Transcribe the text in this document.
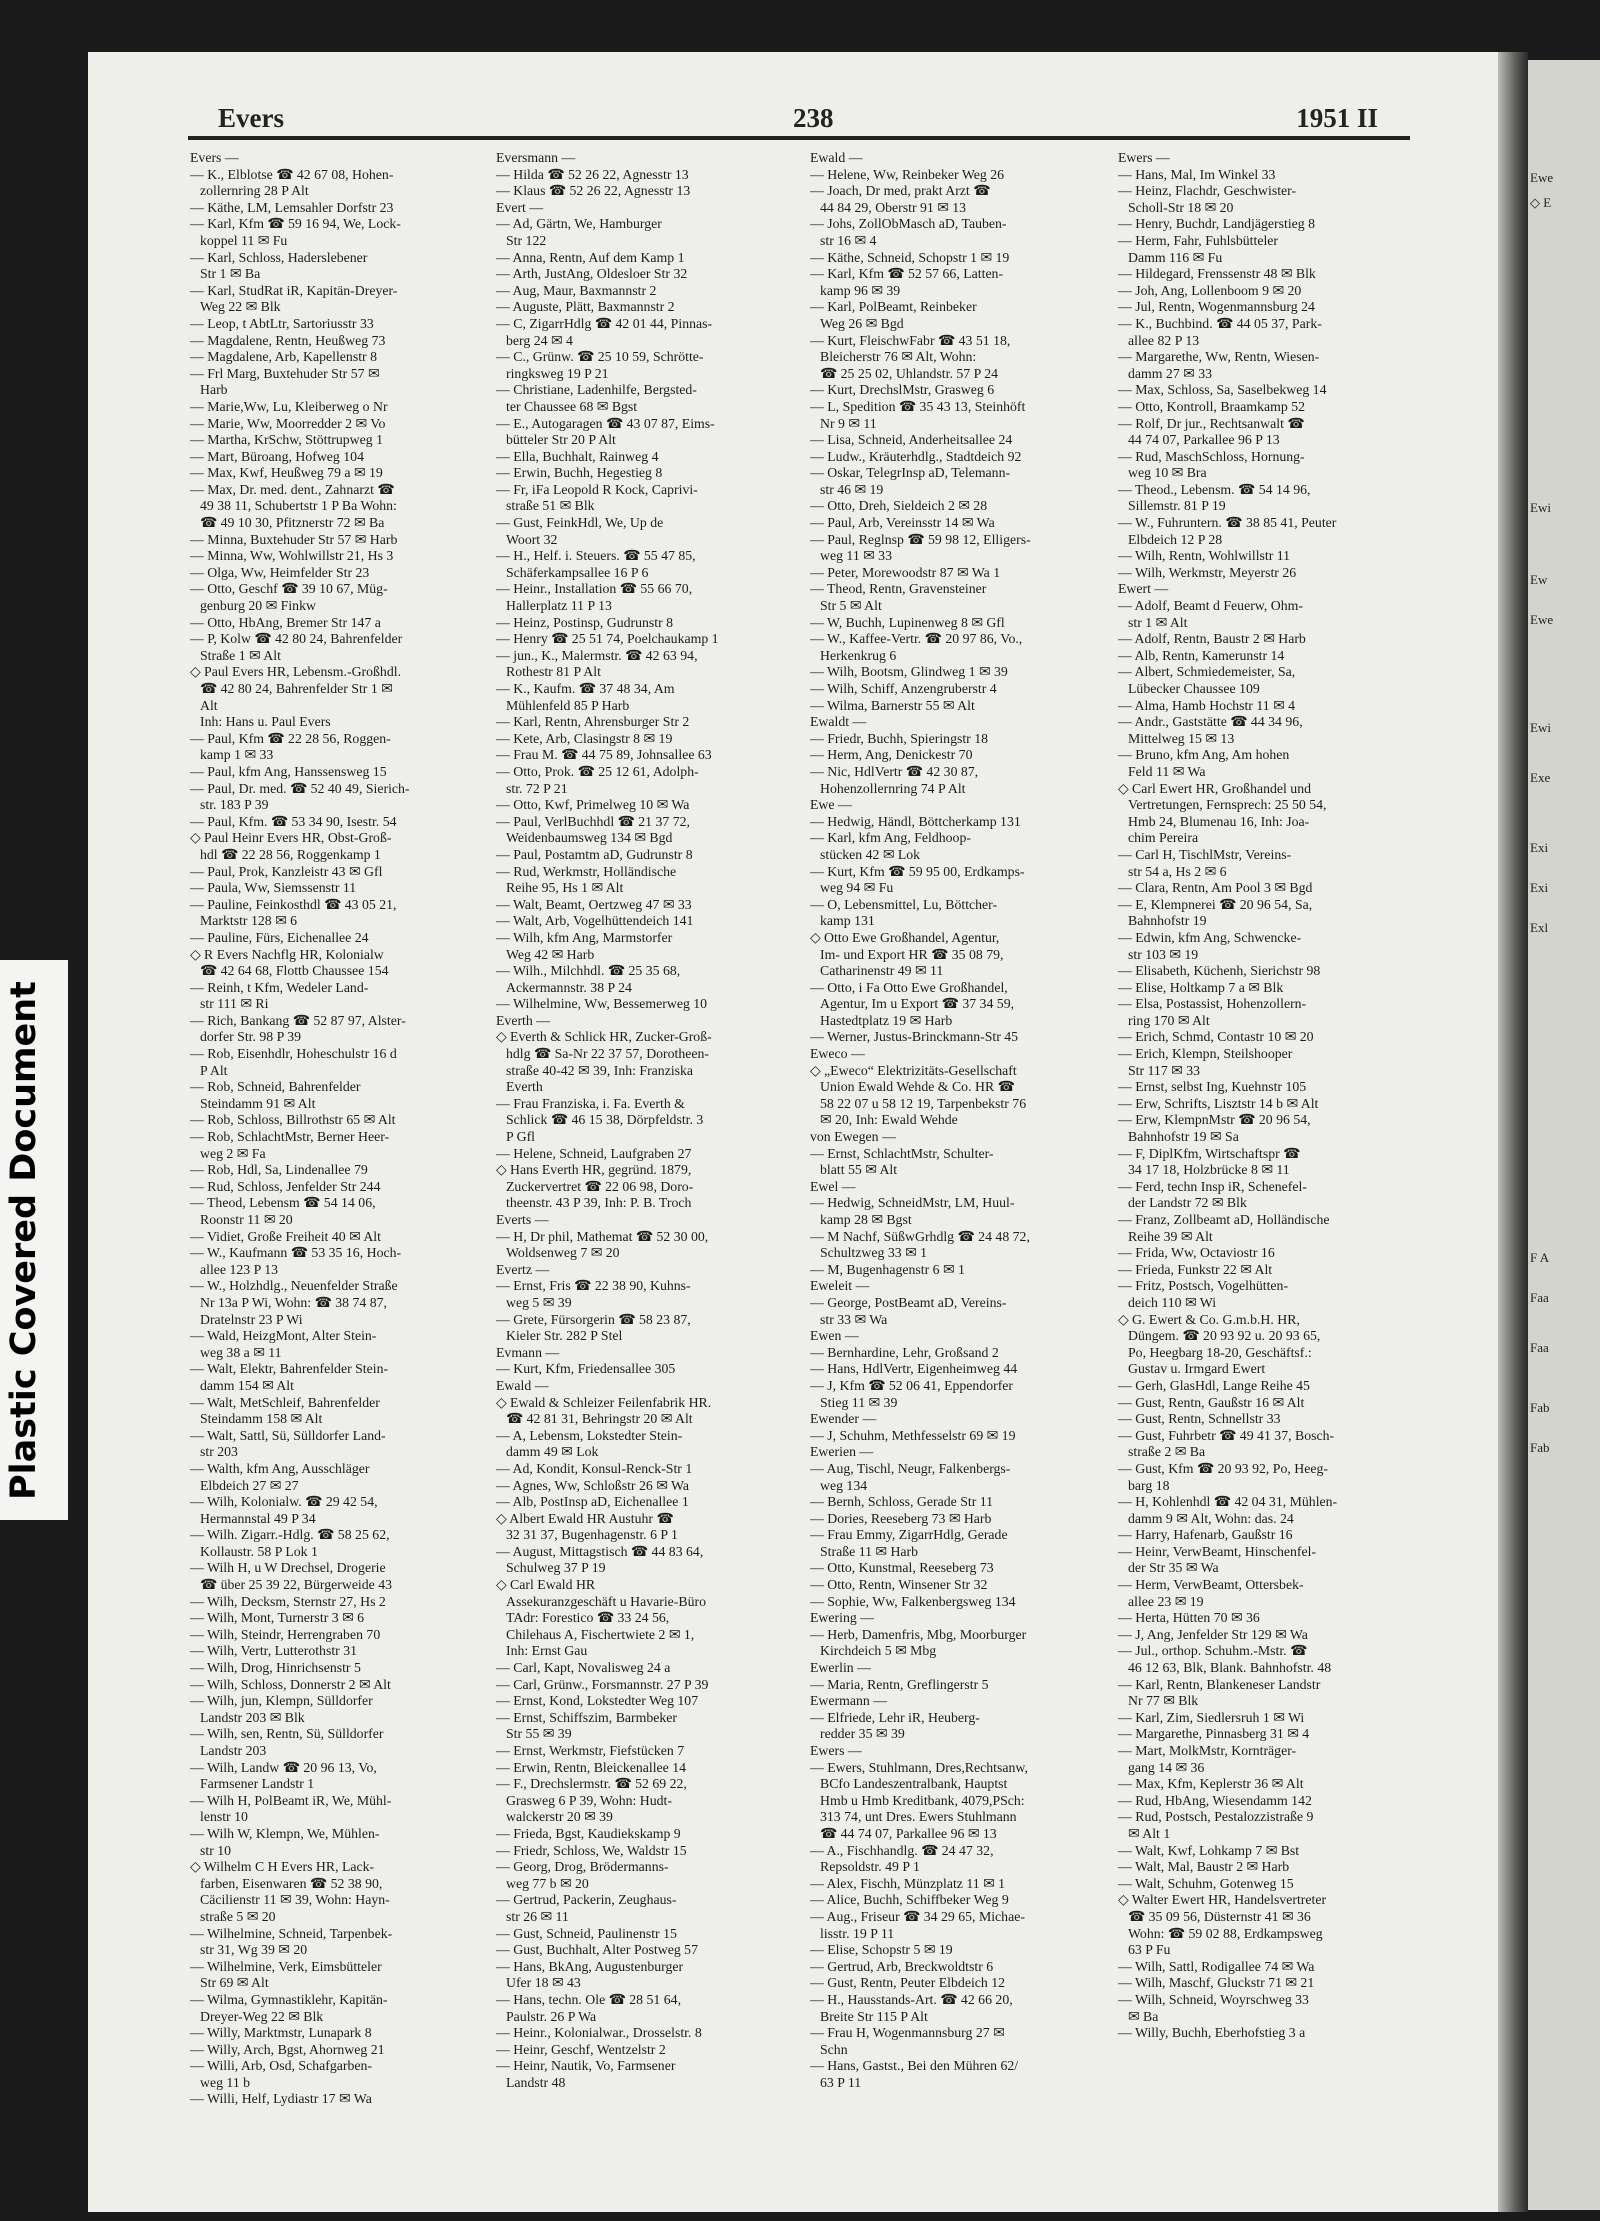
Ewe
◇ E
Ewi
Ew
Ewe
Ewi
Exe
Exi
Exi
Exl
F A
Faa
Faa
Fab
Fab
Plastic Covered Document
Evers	238	1951 II
Evers —
— K., Elblotse ☎ 42 67 08, Hohen-
zollernring 28 P Alt
— Käthe, LM, Lemsahler Dorfstr 23
— Karl, Kfm ☎ 59 16 94, We, Lock-
koppel 11 ✉ Fu
— Karl, Schloss, Haderslebener
Str 1 ✉ Ba
— Karl, StudRat iR, Kapitän-Dreyer-
Weg 22 ✉ Blk
— Leop, t AbtLtr, Sartoriusstr 33
— Magdalene, Rentn, Heußweg 73
— Magdalene, Arb, Kapellenstr 8
— Frl Marg, Buxtehuder Str 57 ✉
Harb
— Marie,Ww, Lu, Kleiberweg o Nr
— Marie, Ww, Moorredder 2 ✉ Vo
— Martha, KrSchw, Stöttrupweg 1
— Mart, Büroang, Hofweg 104
— Max, Kwf, Heußweg 79 a ✉ 19
— Max, Dr. med. dent., Zahnarzt ☎
49 38 11, Schubertstr 1 P Ba Wohn:
☎ 49 10 30, Pfitznerstr 72 ✉ Ba
— Minna, Buxtehuder Str 57 ✉ Harb
— Minna, Ww, Wohlwillstr 21, Hs 3
— Olga, Ww, Heimfelder Str 23
— Otto, Geschf ☎ 39 10 67, Müg-
genburg 20 ✉ Finkw
— Otto, HbAng, Bremer Str 147 a
— P, Kolw ☎ 42 80 24, Bahrenfelder
Straße 1 ✉ Alt
◇ Paul Evers HR, Lebensm.-Großhdl.
☎ 42 80 24, Bahrenfelder Str 1 ✉
Alt
Inh: Hans u. Paul Evers
— Paul, Kfm ☎ 22 28 56, Roggen-
kamp 1 ✉ 33
— Paul, kfm Ang, Hanssensweg 15
— Paul, Dr. med. ☎ 52 40 49, Sierich-
str. 183 P 39
— Paul, Kfm. ☎ 53 34 90, Isestr. 54
◇ Paul Heinr Evers HR, Obst-Groß-
hdl ☎ 22 28 56, Roggenkamp 1
— Paul, Prok, Kanzleistr 43 ✉ Gfl
— Paula, Ww, Siemssenstr 11
— Pauline, Feinkosthdl ☎ 43 05 21,
Marktstr 128 ✉ 6
— Pauline, Fürs, Eichenallee 24
◇ R Evers Nachflg HR, Kolonialw
☎ 42 64 68, Flottb Chaussee 154
— Reinh, t Kfm, Wedeler Land-
str 111 ✉ Ri
— Rich, Bankang ☎ 52 87 97, Alster-
dorfer Str. 98 P 39
— Rob, Eisenhdlr, Hoheschulstr 16 d
P Alt
— Rob, Schneid, Bahrenfelder
Steindamm 91 ✉ Alt
— Rob, Schloss, Billrothstr 65 ✉ Alt
— Rob, SchlachtMstr, Berner Heer-
weg 2 ✉ Fa
— Rob, Hdl, Sa, Lindenallee 79
— Rud, Schloss, Jenfelder Str 244
— Theod, Lebensm ☎ 54 14 06,
Roonstr 11 ✉ 20
— Vidiet, Große Freiheit 40 ✉ Alt
— W., Kaufmann ☎ 53 35 16, Hoch-
allee 123 P 13
— W., Holzhdlg., Neuenfelder Straße
Nr 13a P Wi, Wohn: ☎ 38 74 87,
Dratelnstr 23 P Wi
— Wald, HeizgMont, Alter Stein-
weg 38 a ✉ 11
— Walt, Elektr, Bahrenfelder Stein-
damm 154 ✉ Alt
— Walt, MetSchleif, Bahrenfelder
Steindamm 158 ✉ Alt
— Walt, Sattl, Sü, Sülldorfer Land-
str 203
— Walth, kfm Ang, Ausschläger
Elbdeich 27 ✉ 27
— Wilh, Kolonialw. ☎ 29 42 54,
Hermannstal 49 P 34
— Wilh. Zigarr.-Hdlg. ☎ 58 25 62,
Kollaustr. 58 P Lok 1
— Wilh H, u W Drechsel, Drogerie
☎ über 25 39 22, Bürgerweide 43
— Wilh, Decksm, Sternstr 27, Hs 2
— Wilh, Mont, Turnerstr 3 ✉ 6
— Wilh, Steindr, Herrengraben 70
— Wilh, Vertr, Lutterothstr 31
— Wilh, Drog, Hinrichsenstr 5
— Wilh, Schloss, Donnerstr 2 ✉ Alt
— Wilh, jun, Klempn, Sülldorfer
Landstr 203 ✉ Blk
— Wilh, sen, Rentn, Sü, Sülldorfer
Landstr 203
— Wilh, Landw ☎ 20 96 13, Vo,
Farmsener Landstr 1
— Wilh H, PolBeamt iR, We, Mühl-
lenstr 10
— Wilh W, Klempn, We, Mühlen-
str 10
◇ Wilhelm C H Evers HR, Lack-
farben, Eisenwaren ☎ 52 38 90,
Cäcilienstr 11 ✉ 39, Wohn: Hayn-
straße 5 ✉ 20
— Wilhelmine, Schneid, Tarpenbek-
str 31, Wg 39 ✉ 20
— Wilhelmine, Verk, Eimsbütteler
Str 69 ✉ Alt
— Wilma, Gymnastiklehr, Kapitän-
Dreyer-Weg 22 ✉ Blk
— Willy, Marktmstr, Lunapark 8
— Willy, Arch, Bgst, Ahornweg 21
— Willi, Arb, Osd, Schafgarben-
weg 11 b
— Willi, Helf, Lydiastr 17 ✉ Wa
Eversmann —
— Hilda ☎ 52 26 22, Agnesstr 13
— Klaus ☎ 52 26 22, Agnesstr 13
Evert —
— Ad, Gärtn, We, Hamburger
Str 122
— Anna, Rentn, Auf dem Kamp 1
— Arth, JustAng, Oldesloer Str 32
— Aug, Maur, Baxmannstr 2
— Auguste, Plätt, Baxmannstr 2
— C, ZigarrHdlg ☎ 42 01 44, Pinnas-
berg 24 ✉ 4
— C., Grünw. ☎ 25 10 59, Schrötte-
ringksweg 19 P 21
— Christiane, Ladenhilfe, Bergsted-
ter Chaussee 68 ✉ Bgst
— E., Autogaragen ☎ 43 07 87, Eims-
bütteler Str 20 P Alt
— Ella, Buchhalt, Rainweg 4
— Erwin, Buchh, Hegestieg 8
— Fr, iFa Leopold R Kock, Caprivi-
straße 51 ✉ Blk
— Gust, FeinkHdl, We, Up de
Woort 32
— H., Helf. i. Steuers. ☎ 55 47 85,
Schäferkampsallee 16 P 6
— Heinr., Installation ☎ 55 66 70,
Hallerplatz 11 P 13
— Heinz, Postinsp, Gudrunstr 8
— Henry ☎ 25 51 74, Poelchaukamp 1
— jun., K., Malermstr. ☎ 42 63 94,
Rothestr 81 P Alt
— K., Kaufm. ☎ 37 48 34, Am
Mühlenfeld 85 P Harb
— Karl, Rentn, Ahrensburger Str 2
— Kete, Arb, Clasingstr 8 ✉ 19
— Frau M. ☎ 44 75 89, Johnsallee 63
— Otto, Prok. ☎ 25 12 61, Adolph-
str. 72 P 21
— Otto, Kwf, Primelweg 10 ✉ Wa
— Paul, VerlBuchhdl ☎ 21 37 72,
Weidenbaumsweg 134 ✉ Bgd
— Paul, Postamtm aD, Gudrunstr 8
— Rud, Werkmstr, Holländische
Reihe 95, Hs 1 ✉ Alt
— Walt, Beamt, Oertzweg 47 ✉ 33
— Walt, Arb, Vogelhüttendeich 141
— Wilh, kfm Ang, Marmstorfer
Weg 42 ✉ Harb
— Wilh., Milchhdl. ☎ 25 35 68,
Ackermannstr. 38 P 24
— Wilhelmine, Ww, Bessemerweg 10
Everth —
◇ Everth & Schlick HR, Zucker-Groß-
hdlg ☎ Sa-Nr 22 37 57, Dorotheen-
straße 40-42 ✉ 39, Inh: Franziska
Everth
— Frau Franziska, i. Fa. Everth &
Schlick ☎ 46 15 38, Dörpfeldstr. 3
P Gfl
— Helene, Schneid, Laufgraben 27
◇ Hans Everth HR, gegründ. 1879,
Zuckervertret ☎ 22 06 98, Doro-
theenstr. 43 P 39, Inh: P. B. Troch
Everts —
— H, Dr phil, Mathemat ☎ 52 30 00,
Woldsenweg 7 ✉ 20
Evertz —
— Ernst, Fris ☎ 22 38 90, Kuhns-
weg 5 ✉ 39
— Grete, Fürsorgerin ☎ 58 23 87,
Kieler Str. 282 P Stel
Evmann —
— Kurt, Kfm, Friedensallee 305
Ewald —
◇ Ewald & Schleizer Feilenfabrik HR.
☎ 42 81 31, Behringstr 20 ✉ Alt
— A, Lebensm, Lokstedter Stein-
damm 49 ✉ Lok
— Ad, Kondit, Konsul-Renck-Str 1
— Agnes, Ww, Schloßstr 26 ✉ Wa
— Alb, PostInsp aD, Eichenallee 1
◇ Albert Ewald HR Austuhr ☎
32 31 37, Bugenhagenstr. 6 P 1
— August, Mittagstisch ☎ 44 83 64,
Schulweg 37 P 19
◇ Carl Ewald HR
Assekuranzgeschäft u Havarie-Büro
TAdr: Forestico ☎ 33 24 56,
Chilehaus A, Fischertwiete 2 ✉ 1,
Inh: Ernst Gau
— Carl, Kapt, Novalisweg 24 a
— Carl, Grünw., Forsmannstr. 27 P 39
— Ernst, Kond, Lokstedter Weg 107
— Ernst, Schiffszim, Barmbeker
Str 55 ✉ 39
— Ernst, Werkmstr, Fiefstücken 7
— Erwin, Rentn, Bleickenallee 14
— F., Drechslermstr. ☎ 52 69 22,
Grasweg 6 P 39, Wohn: Hudt-
walckerstr 20 ✉ 39
— Frieda, Bgst, Kaudiekskamp 9
— Friedr, Schloss, We, Waldstr 15
— Georg, Drog, Brödermanns-
weg 77 b ✉ 20
— Gertrud, Packerin, Zeughaus-
str 26 ✉ 11
— Gust, Schneid, Paulinenstr 15
— Gust, Buchhalt, Alter Postweg 57
— Hans, BkAng, Augustenburger
Ufer 18 ✉ 43
— Hans, techn. Ole ☎ 28 51 64,
Paulstr. 26 P Wa
— Heinr., Kolonialwar., Drosselstr. 8
— Heinr, Geschf, Wentzelstr 2
— Heinr, Nautik, Vo, Farmsener
Landstr 48
Ewald —
— Helene, Ww, Reinbeker Weg 26
— Joach, Dr med, prakt Arzt ☎
44 84 29, Oberstr 91 ✉ 13
— Johs, ZollObMasch aD, Tauben-
str 16 ✉ 4
— Käthe, Schneid, Schopstr 1 ✉ 19
— Karl, Kfm ☎ 52 57 66, Latten-
kamp 96 ✉ 39
— Karl, PolBeamt, Reinbeker
Weg 26 ✉ Bgd
— Kurt, FleischwFabr ☎ 43 51 18,
Bleicherstr 76 ✉ Alt, Wohn:
☎ 25 25 02, Uhlandstr. 57 P 24
— Kurt, DrechslMstr, Grasweg 6
— L, Spedition ☎ 35 43 13, Steinhöft
Nr 9 ✉ 11
— Lisa, Schneid, Anderheitsallee 24
— Ludw., Kräuterhdlg., Stadtdeich 92
— Oskar, TelegrInsp aD, Telemann-
str 46 ✉ 19
— Otto, Dreh, Sieldeich 2 ✉ 28
— Paul, Arb, Vereinsstr 14 ✉ Wa
— Paul, Reglnsp ☎ 59 98 12, Elligers-
weg 11 ✉ 33
— Peter, Morewoodstr 87 ✉ Wa 1
— Theod, Rentn, Gravensteiner
Str 5 ✉ Alt
— W, Buchh, Lupinenweg 8 ✉ Gfl
— W., Kaffee-Vertr. ☎ 20 97 86, Vo.,
Herkenkrug 6
— Wilh, Bootsm, Glindweg 1 ✉ 39
— Wilh, Schiff, Anzengruberstr 4
— Wilma, Barnerstr 55 ✉ Alt
Ewaldt —
— Friedr, Buchh, Spieringstr 18
— Herm, Ang, Denickestr 70
— Nic, HdlVertr ☎ 42 30 87,
Hohenzollernring 74 P Alt
Ewe —
— Hedwig, Händl, Böttcherkamp 131
— Karl, kfm Ang, Feldhoop-
stücken 42 ✉ Lok
— Kurt, Kfm ☎ 59 95 00, Erdkamps-
weg 94 ✉ Fu
— O, Lebensmittel, Lu, Böttcher-
kamp 131
◇ Otto Ewe Großhandel, Agentur,
Im- und Export HR ☎ 35 08 79,
Catharinenstr 49 ✉ 11
— Otto, i Fa Otto Ewe Großhandel,
Agentur, Im u Export ☎ 37 34 59,
Hastedtplatz 19 ✉ Harb
— Werner, Justus-Brinckmann-Str 45
Eweco —
◇ „Eweco“ Elektrizitäts-Gesellschaft
Union Ewald Wehde & Co. HR ☎
58 22 07 u 58 12 19, Tarpenbekstr 76
✉ 20, Inh: Ewald Wehde
von Ewegen —
— Ernst, SchlachtMstr, Schulter-
blatt 55 ✉ Alt
Ewel —
— Hedwig, SchneidMstr, LM, Huul-
kamp 28 ✉ Bgst
— M Nachf, SüßwGrhdlg ☎ 24 48 72,
Schultzweg 33 ✉ 1
— M, Bugenhagenstr 6 ✉ 1
Eweleit —
— George, PostBeamt aD, Vereins-
str 33 ✉ Wa
Ewen —
— Bernhardine, Lehr, Großsand 2
— Hans, HdlVertr, Eigenheimweg 44
— J, Kfm ☎ 52 06 41, Eppendorfer
Stieg 11 ✉ 39
Ewender —
— J, Schuhm, Methfesselstr 69 ✉ 19
Ewerien —
— Aug, Tischl, Neugr, Falkenbergs-
weg 134
— Bernh, Schloss, Gerade Str 11
— Dories, Reeseberg 73 ✉ Harb
— Frau Emmy, ZigarrHdlg, Gerade
Straße 11 ✉ Harb
— Otto, Kunstmal, Reeseberg 73
— Otto, Rentn, Winsener Str 32
— Sophie, Ww, Falkenbergsweg 134
Ewering —
— Herb, Damenfris, Mbg, Moorburger
Kirchdeich 5 ✉ Mbg
Ewerlin —
— Maria, Rentn, Greflingerstr 5
Ewermann —
— Elfriede, Lehr iR, Heuberg-
redder 35 ✉ 39
Ewers —
— Ewers, Stuhlmann, Dres,Rechtsanw,
BCfo Landeszentralbank, Hauptst
Hmb u Hmb Kreditbank, 4079,PSch:
313 74, unt Dres. Ewers Stuhlmann
☎ 44 74 07, Parkallee 96 ✉ 13
— A., Fischhandlg. ☎ 24 47 32,
Repsoldstr. 49 P 1
— Alex, Fischh, Münzplatz 11 ✉ 1
— Alice, Buchh, Schiffbeker Weg 9
— Aug., Friseur ☎ 34 29 65, Michae-
lisstr. 19 P 11
— Elise, Schopstr 5 ✉ 19
— Gertrud, Arb, Breckwoldtstr 6
— Gust, Rentn, Peuter Elbdeich 12
— H., Hausstands-Art. ☎ 42 66 20,
Breite Str 115 P Alt
— Frau H, Wogenmannsburg 27 ✉
Schn
— Hans, Gastst., Bei den Mühren 62/
63 P 11
Ewers —
— Hans, Mal, Im Winkel 33
— Heinz, Flachdr, Geschwister-
Scholl-Str 18 ✉ 20
— Henry, Buchdr, Landjägerstieg 8
— Herm, Fahr, Fuhlsbütteler
Damm 116 ✉ Fu
— Hildegard, Frenssenstr 48 ✉ Blk
— Joh, Ang, Lollenboom 9 ✉ 20
— Jul, Rentn, Wogenmannsburg 24
— K., Buchbind. ☎ 44 05 37, Park-
allee 82 P 13
— Margarethe, Ww, Rentn, Wiesen-
damm 27 ✉ 33
— Max, Schloss, Sa, Saselbekweg 14
— Otto, Kontroll, Braamkamp 52
— Rolf, Dr jur., Rechtsanwalt ☎
44 74 07, Parkallee 96 P 13
— Rud, MaschSchloss, Hornung-
weg 10 ✉ Bra
— Theod., Lebensm. ☎ 54 14 96,
Sillemstr. 81 P 19
— W., Fuhruntern. ☎ 38 85 41, Peuter
Elbdeich 12 P 28
— Wilh, Rentn, Wohlwillstr 11
— Wilh, Werkmstr, Meyerstr 26
Ewert —
— Adolf, Beamt d Feuerw, Ohm-
str 1 ✉ Alt
— Adolf, Rentn, Baustr 2 ✉ Harb
— Alb, Rentn, Kamerunstr 14
— Albert, Schmiedemeister, Sa,
Lübecker Chaussee 109
— Alma, Hamb Hochstr 11 ✉ 4
— Andr., Gaststätte ☎ 44 34 96,
Mittelweg 15 ✉ 13
— Bruno, kfm Ang, Am hohen
Feld 11 ✉ Wa
◇ Carl Ewert HR, Großhandel und
Vertretungen, Fernsprech: 25 50 54,
Hmb 24, Blumenau 16, Inh: Joa-
chim Pereira
— Carl H, TischlMstr, Vereins-
str 54 a, Hs 2 ✉ 6
— Clara, Rentn, Am Pool 3 ✉ Bgd
— E, Klempnerei ☎ 20 96 54, Sa,
Bahnhofstr 19
— Edwin, kfm Ang, Schwencke-
str 103 ✉ 19
— Elisabeth, Küchenh, Sierichstr 98
— Elise, Holtkamp 7 a ✉ Blk
— Elsa, Postassist, Hohenzollern-
ring 170 ✉ Alt
— Erich, Schmd, Contastr 10 ✉ 20
— Erich, Klempn, Steilshooper
Str 117 ✉ 33
— Ernst, selbst Ing, Kuehnstr 105
— Erw, Schrifts, Lisztstr 14 b ✉ Alt
— Erw, KlempnMstr ☎ 20 96 54,
Bahnhofstr 19 ✉ Sa
— F, DiplKfm, Wirtschaftspr ☎
34 17 18, Holzbrücke 8 ✉ 11
— Ferd, techn Insp iR, Schenefel-
der Landstr 72 ✉ Blk
— Franz, Zollbeamt aD, Holländische
Reihe 39 ✉ Alt
— Frida, Ww, Octaviostr 16
— Frieda, Funkstr 22 ✉ Alt
— Fritz, Postsch, Vogelhütten-
deich 110 ✉ Wi
◇ G. Ewert & Co. G.m.b.H. HR,
Düngem. ☎ 20 93 92 u. 20 93 65,
Po, Heegbarg 18-20, Geschäftsf.:
Gustav u. Irmgard Ewert
— Gerh, GlasHdl, Lange Reihe 45
— Gust, Rentn, Gaußstr 16 ✉ Alt
— Gust, Rentn, Schnellstr 33
— Gust, Fuhrbetr ☎ 49 41 37, Bosch-
straße 2 ✉ Ba
— Gust, Kfm ☎ 20 93 92, Po, Heeg-
barg 18
— H, Kohlenhdl ☎ 42 04 31, Mühlen-
damm 9 ✉ Alt, Wohn: das. 24
— Harry, Hafenarb, Gaußstr 16
— Heinr, VerwBeamt, Hinschenfel-
der Str 35 ✉ Wa
— Herm, VerwBeamt, Ottersbek-
allee 23 ✉ 19
— Herta, Hütten 70 ✉ 36
— J, Ang, Jenfelder Str 129 ✉ Wa
— Jul., orthop. Schuhm.-Mstr. ☎
46 12 63, Blk, Blank. Bahnhofstr. 48
— Karl, Rentn, Blankeneser Landstr
Nr 77 ✉ Blk
— Karl, Zim, Siedlersruh 1 ✉ Wi
— Margarethe, Pinnasberg 31 ✉ 4
— Mart, MolkMstr, Kornträger-
gang 14 ✉ 36
— Max, Kfm, Keplerstr 36 ✉ Alt
— Rud, HbAng, Wiesendamm 142
— Rud, Postsch, Pestalozzistraße 9
✉ Alt 1
— Walt, Kwf, Lohkamp 7 ✉ Bst
— Walt, Mal, Baustr 2 ✉ Harb
— Walt, Schuhm, Gotenweg 15
◇ Walter Ewert HR, Handelsvertreter
☎ 35 09 56, Düsternstr 41 ✉ 36
Wohn: ☎ 59 02 88, Erdkampsweg
63 P Fu
— Wilh, Sattl, Rodigallee 74 ✉ Wa
— Wilh, Maschf, Gluckstr 71 ✉ 21
— Wilh, Schneid, Woyrschweg 33
✉ Ba
— Willy, Buchh, Eberhofstieg 3 a
